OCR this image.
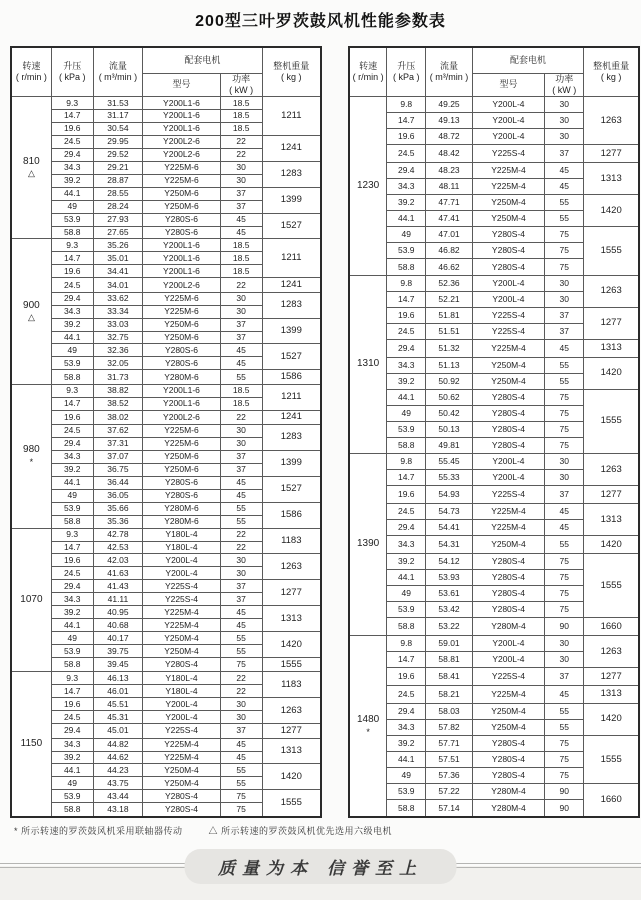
200型三叶罗茨鼓风机性能参数表
转速
( r/min )	升压
( kPa )	流量
( m³/min )	配套电机		整机重量
( kg )
			型号	功率
( kW )	

810
△	9.3	31.53	Y200L1-6	18.5	1211
	14.7	31.17	Y200L1-6	18.5	
	19.6	30.54	Y200L1-6	18.5	
	24.5	29.95	Y200L2-6	22	1241
	29.4	29.52	Y200L2-6	22	
	34.3	29.21	Y225M-6	30	1283
	39.2	28.87	Y225M-6	30	
	44.1	28.55	Y250M-6	37	1399
	49	28.24	Y250M-6	37	
	53.9	27.93	Y280S-6	45	1527
	58.8	27.65	Y280S-6	45	

900
△	9.3	35.26	Y200L1-6	18.5	1211
	14.7	35.01	Y200L1-6	18.5	
	19.6	34.41	Y200L1-6	18.5	
	24.5	34.01	Y200L2-6	22	1241
	29.4	33.62	Y225M-6	30	1283
	34.3	33.34	Y225M-6	30	
	39.2	33.03	Y250M-6	37	1399
	44.1	32.75	Y250M-6	37	
	49	32.36	Y280S-6	45	1527
	53.9	32.05	Y280S-6	45	
	58.8	31.73	Y280M-6	55	1586

980
*	9.3	38.82	Y200L1-6	18.5	1211
	14.7	38.52	Y200L1-6	18.5	
	19.6	38.02	Y200L2-6	22	1241
	24.5	37.62	Y225M-6	30	1283
	29.4	37.31	Y225M-6	30	
	34.3	37.07	Y250M-6	37	1399
	39.2	36.75	Y250M-6	37	
	44.1	36.44	Y280S-6	45	1527
	49	36.05	Y280S-6	45	
	53.9	35.66	Y280M-6	55	1586
	58.8	35.36	Y280M-6	55	

1070	9.3	42.78	Y180L-4	22	1183
	14.7	42.53	Y180L-4	22	
	19.6	42.03	Y200L-4	30	1263
	24.5	41.63	Y200L-4	30	
	29.4	41.43	Y225S-4	37	1277
	34.3	41.11	Y225S-4	37	
	39.2	40.95	Y225M-4	45	1313
	44.1	40.68	Y225M-4	45	
	49	40.17	Y250M-4	55	1420
	53.9	39.75	Y250M-4	55	
	58.8	39.45	Y280S-4	75	1555

1150	9.3	46.13	Y180L-4	22	1183
	14.7	46.01	Y180L-4	22	
	19.6	45.51	Y200L-4	30	1263
	24.5	45.31	Y200L-4	30	
	29.4	45.01	Y225S-4	37	1277
	34.3	44.82	Y225M-4	45	1313
	39.2	44.62	Y225M-4	45	
	44.1	44.23	Y250M-4	55	1420
	49	43.75	Y250M-4	55	
	53.9	43.44	Y280S-4	75	1555
	58.8	43.18	Y280S-4	75	
转速
( r/min )	升压
( kPa )	流量
( m³/min )	配套电机		整机重量
( kg )
			型号	功率
( kW )	

1230	9.8	49.25	Y200L-4	30	1263
	14.7	49.13	Y200L-4	30	
	19.6	48.72	Y200L-4	30	
	24.5	48.42	Y225S-4	37	1277
	29.4	48.23	Y225M-4	45	1313
	34.3	48.11	Y225M-4	45	
	39.2	47.71	Y250M-4	55	1420
	44.1	47.41	Y250M-4	55	
	49	47.01	Y280S-4	75	1555
	53.9	46.82	Y280S-4	75	
	58.8	46.62	Y280S-4	75	

1310	9.8	52.36	Y200L-4	30	1263
	14.7	52.21	Y200L-4	30	
	19.6	51.81	Y225S-4	37	1277
	24.5	51.51	Y225S-4	37	
	29.4	51.32	Y225M-4	45	1313
	34.3	51.13	Y250M-4	55	1420
	39.2	50.92	Y250M-4	55	
	44.1	50.62	Y280S-4	75	1555
	49	50.42	Y280S-4	75	
	53.9	50.13	Y280S-4	75	
	58.8	49.81	Y280S-4	75	

1390	9.8	55.45	Y200L-4	30	1263
	14.7	55.33	Y200L-4	30	
	19.6	54.93	Y225S-4	37	1277
	24.5	54.73	Y225M-4	45	1313
	29.4	54.41	Y225M-4	45	
	34.3	54.31	Y250M-4	55	1420
	39.2	54.12	Y280S-4	75	1555
	44.1	53.93	Y280S-4	75	
	49	53.61	Y280S-4	75	
	53.9	53.42	Y280S-4	75	
	58.8	53.22	Y280M-4	90	1660

1480
*	9.8	59.01	Y200L-4	30	1263
	14.7	58.81	Y200L-4	30	
	19.6	58.41	Y225S-4	37	1277
	24.5	58.21	Y225M-4	45	1313
	29.4	58.03	Y250M-4	55	1420
	34.3	57.82	Y250M-4	55	
	39.2	57.71	Y280S-4	75	1555
	44.1	57.51	Y280S-4	75	
	49	57.36	Y280S-4	75	
	53.9	57.22	Y280M-4	90	1660
	58.8	57.14	Y280M-4	90	
* 所示转速的罗茨鼓风机采用联轴器传动	△ 所示转速的罗茨鼓风机优先选用六级电机
质量为本 信誉至上
